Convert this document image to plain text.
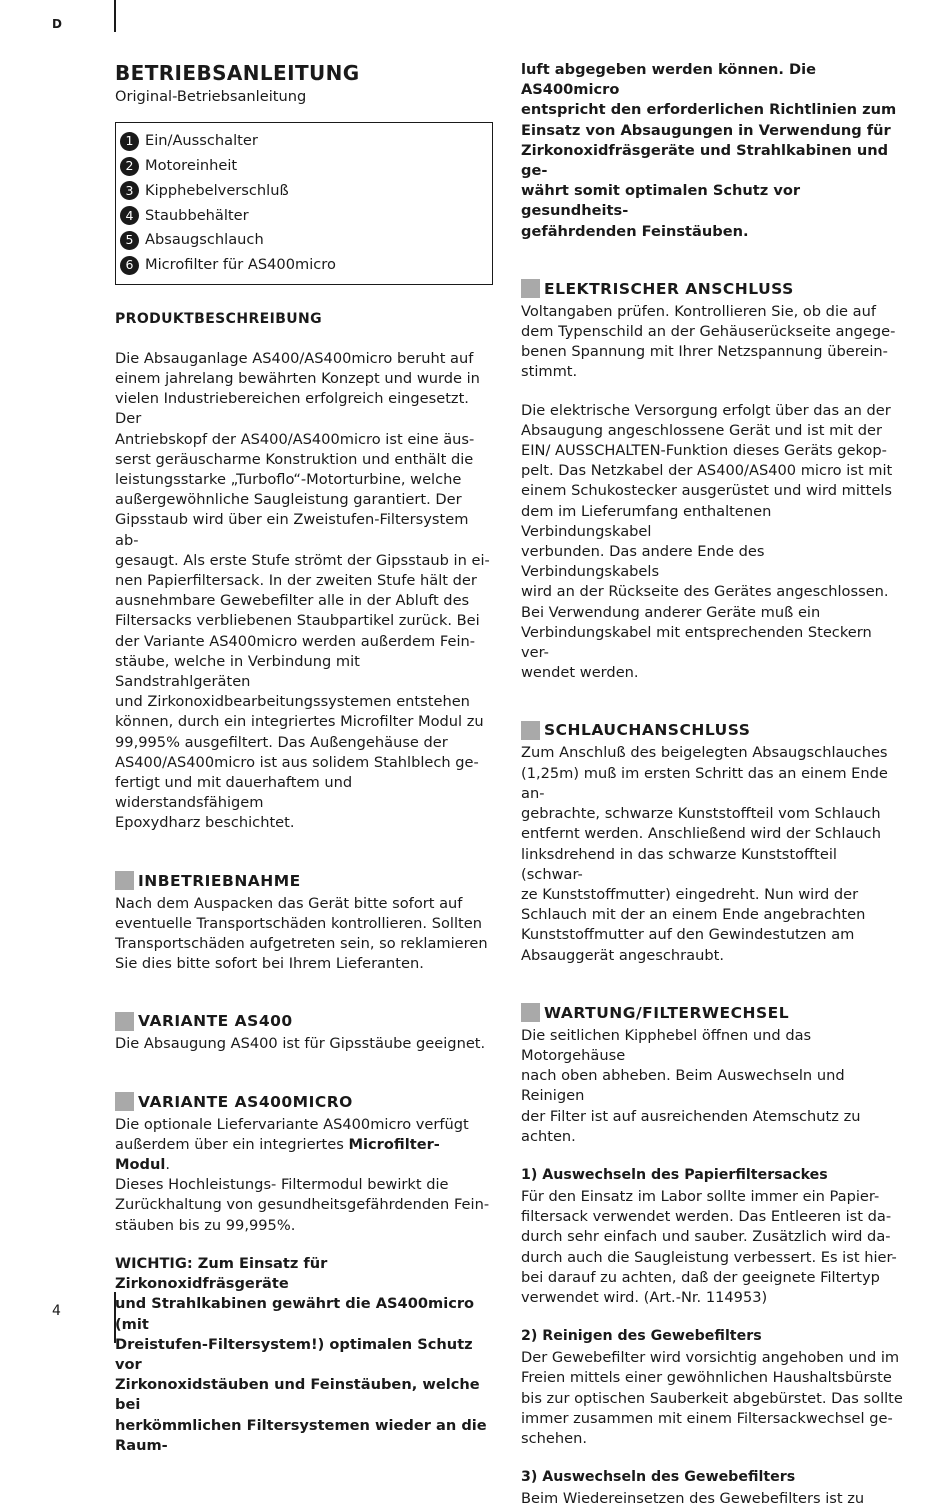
D
4
BETRIEBSANLEITUNG
Original-Betriebsanleitung
1 Ein/Ausschalter
2 Motoreinheit
3 Kipphebelverschluß
4 Staubbehälter
5 Absaugschlauch
6 Microfilter für AS400micro
PRODUKTBESCHREIBUNG

Die Absauganlage AS400/AS400micro beruht auf

einem jahrelang bewährten Konzept und wurde in

vielen Industriebereichen erfolgreich eingesetzt. Der

Antriebskopf der AS400/AS400micro ist eine äus-

serst geräuscharme Konstruktion und enthält die

leistungsstarke „Turboflo“-Motorturbine, welche

außergewöhnliche Saugleistung garantiert. Der

Gipsstaub wird über ein Zweistufen-Filtersystem ab-

gesaugt. Als erste Stufe strömt der Gipsstaub in ei-

nen Papierfiltersack. In der zweiten Stufe hält der

ausnehmbare Gewebefilter alle in der Abluft des

Filtersacks verbliebenen Staubpartikel zurück. Bei

der Variante AS400micro werden außerdem Fein-

stäube, welche in Verbindung mit Sandstrahlgeräten

und Zirkonoxidbearbeitungssystemen entstehen

können, durch ein integriertes Microfilter Modul zu

99,995% ausgefiltert. Das Außengehäuse der

AS400/AS400micro ist aus solidem Stahlblech ge-

fertigt und mit dauerhaftem und widerstandsfähigem

Epoxydharz beschichtet.

INBETRIEBNAHME

Nach dem Auspacken das Gerät bitte sofort auf

eventuelle Transportschäden kontrollieren. Sollten

Transportschäden aufgetreten sein, so reklamieren

Sie dies bitte sofort bei Ihrem Lieferanten.

VARIANTE AS400

Die Absaugung AS400 ist für Gipsstäube geeignet.

VARIANTE AS400MICRO

Die optionale Liefervariante AS400micro verfügt

außerdem über ein integriertes Microfilter-Modul.

Dieses Hochleistungs- Filtermodul bewirkt die

Zurückhaltung von gesundheitsgefährdenden Fein-

stäuben bis zu 99,995%.

WICHTIG: Zum Einsatz für Zirkonoxidfräsgeräte

und Strahlkabinen gewährt die AS400micro (mit

Dreistufen-Filtersystem!) optimalen Schutz vor

Zirkonoxidstäuben und Feinstäuben, welche bei

herkömmlichen Filtersystemen wieder an die Raum-

luft abgegeben werden können. Die AS400micro

entspricht den erforderlichen Richtlinien zum

Einsatz von Absaugungen in Verwendung für

Zirkonoxidfräsgeräte und Strahlkabinen und ge-

währt somit optimalen Schutz vor gesundheits-

gefährdenden Feinstäuben.

ELEKTRISCHER ANSCHLUSS

Voltangaben prüfen. Kontrollieren Sie, ob die auf

dem Typenschild an der Gehäuserückseite angege-

benen Spannung mit Ihrer Netzspannung überein-

stimmt.

Die elektrische Versorgung erfolgt über das an der

Absaugung angeschlossene Gerät und ist mit der

EIN/ AUSSCHALTEN-Funktion dieses Geräts gekop-

pelt. Das Netzkabel der AS400/AS400 micro ist mit

einem Schukostecker ausgerüstet und wird mittels

dem im Lieferumfang enthaltenen Verbindungskabel

verbunden. Das andere Ende des Verbindungskabels

wird an der Rückseite des Gerätes angeschlossen.

Bei Verwendung anderer Geräte muß ein

Verbindungskabel mit entsprechenden Steckern ver-

wendet werden.

SCHLAUCHANSCHLUSS

Zum Anschluß des beigelegten Absaugschlauches

(1,25m) muß im ersten Schritt das an einem Ende an-

gebrachte, schwarze Kunststoffteil vom Schlauch

entfernt werden. Anschließend wird der Schlauch

linksdrehend in das schwarze Kunststoffteil (schwar-

ze Kunststoffmutter) eingedreht. Nun wird der

Schlauch mit der an einem Ende angebrachten

Kunststoffmutter auf den Gewindestutzen am

Absauggerät angeschraubt.

WARTUNG/FILTERWECHSEL

Die seitlichen Kipphebel öffnen und das Motorgehäuse

nach oben abheben. Beim Auswechseln und Reinigen

der Filter ist auf ausreichenden Atemschutz zu achten.

1) Auswechseln des Papierfiltersackes

Für den Einsatz im Labor sollte immer ein Papier-

filtersack verwendet werden. Das Entleeren ist da-

durch sehr einfach und sauber. Zusätzlich wird da-

durch auch die Saugleistung verbessert. Es ist hier-

bei darauf zu achten, daß der geeignete Filtertyp

verwendet wird. (Art.-Nr. 114953)

2) Reinigen des Gewebefilters

Der Gewebefilter wird vorsichtig angehoben und im

Freien mittels einer gewöhnlichen Haushaltsbürste

bis zur optischen Sauberkeit abgebürstet. Das sollte

immer zusammen mit einem Filtersackwechsel ge-

schehen.

3) Auswechseln des Gewebefilters

Beim Wiedereinsetzen des Gewebefilters ist zu
